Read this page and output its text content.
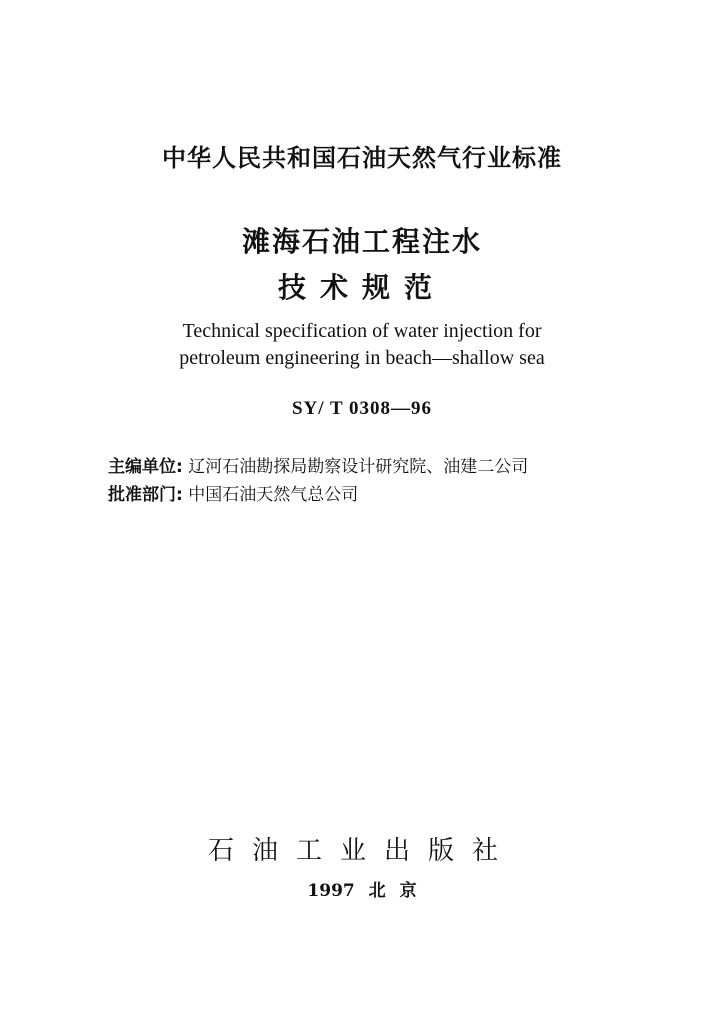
中华人民共和国石油天然气行业标准
滩海石油工程注水
技术规范
Technical specification of water injection for
petroleum engineering in beach—shallow sea
SY/ T 0308—96
主编单位: 辽河石油勘探局勘察设计研究院、油建二公司
批准部门: 中国石油天然气总公司
石油工业出版社
1997 北 京
